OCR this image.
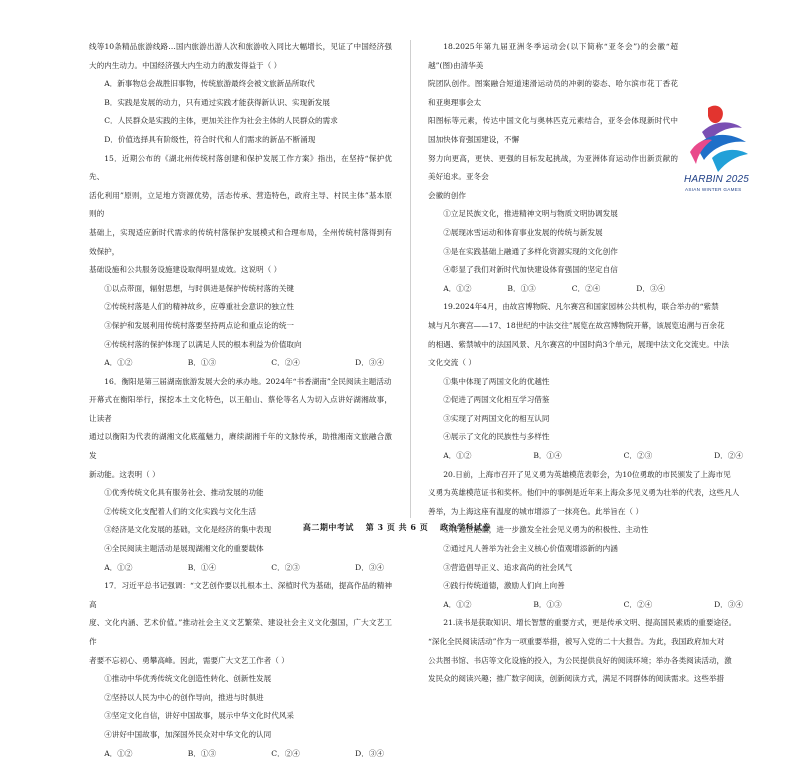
线等10条精品旅游线路…国内旅游出游人次和旅游收入同比大幅增长，见证了中国经济强大的内生动力。中国经济强大内生动力的激发得益于（ ）

A．新事物总会战胜旧事物，传统旅游最终会被文旅新品所取代

B．实践是发展的动力，只有通过实践才能获得新认识、实现新发展

C．人民群众是实践的主体，更加关注作为社会主体的人民群众的需求

D．价值选择具有阶级性，符合时代和人们需求的新品不断涌现

15．近期公布的《湖北州传统村落创建和保护发展工作方案》指出，在坚持“保护优先、

活化利用”原则，立足地方资源优势，活态传承、营造特色，政府主导、村民主体”基本原则的

基础上，实现适应新时代需求的传统村落保护发展模式和合理布局，全州传统村落得到有效保护，

基础设施和公共服务设施建设取得明显成效。这说明（ ）

①以点带面，辐射思想，与时俱进是保护传统村落的关键

②传统村落是人们的精神故乡，应尊重社会意识的独立性

③保护和发展利用传统村落要坚持两点论和重点论的统一

④传统村落的保护体现了以满足人民的根本利益为价值取向

A．①②	B．①③	C．②④	D．③④

16．衡阳是第三届湖南旅游发展大会的承办地。2024年“书香湖南”全民阅读主题活动

开幕式在衡阳举行，探挖本土文化特色，以王船山、蔡伦等名人为切入点讲好湖湘故事，让读者

通过以衡阳为代表的湖湘文化底蕴魅力，赓续湖湘千年的文脉传承，助推湘南文旅融合激发

新动能。这表明（ ）

①优秀传统文化具有服务社会、推动发展的功能

②传统文化支配着人们的文化实践与文化生活

③经济是文化发展的基础，文化是经济的集中表现

④全民阅读主题活动是展现湖湘文化的重要载体

A．①②	B．①④	C．②③	D．③④

17．习近平总书记强调：“文艺创作要以扎根本土、深植时代为基础，提高作品的精神高

度、文化内涵、艺术价值。”推动社会主义文艺繁荣、建设社会主义文化强国，广大文艺工作

者要不忘初心、勇攀高峰。因此，需要广大文艺工作者（ ）

①推动中华优秀传统文化创造性转化、创新性发展

②坚持以人民为中心的创作导向，推进与时俱进

③坚定文化自信，讲好中国故事，展示中华文化时代风采

④讲好中国故事，加深国外民众对中华文化的认同

A．①②	B．①③	C．②④	D．③④

18.2025年第九届亚洲冬季运动会(以下简称“亚冬会”)的会徽“超越”(图)由清华美

院团队创作。图案融合短道速滑运动员的冲刺的姿态、哈尔滨市花丁香花和亚奥理事会太

阳图标等元素，传达中国文化与奥林匹克元素结合，亚冬会体现新时代中国加快体育强国建设，不懈

努力向更高，更快、更强的目标发起挑战，为亚洲体育运动作出新贡献的美好追求。亚冬会

会徽的创作

①立足民族文化，推进精神文明与物质文明协调发展

②展现冰雪运动和体育事业发展的传统与新发展

③是在实践基础上融通了多样化资源实现的文化创作

④彰显了我们对新时代加快建设体育强国的坚定自信

A．①②	B．①③	C．②④	D．③④

19.2024年4月，由故宫博物院、凡尔赛宫和国家园林公共机构，联合举办的“紫禁

城与凡尔赛宫——17、18世纪的中法交往”展览在故宫博物院开幕，该展览追溯与百余花

的相遇、紫禁城中的法国风景、凡尔赛宫的中国时尚3个单元，展现中法文化交流史。中法

文化交流（ ）

①集中体现了两国文化的优越性

②促进了两国文化相互学习借鉴

③实现了对两国文化的相互认同

④展示了文化的民族性与多样性

A．①②	B．①④	C．②③	D．②④

20.日前，上海市召开了见义勇为英雄模范表彰会，为10位勇敢的市民颁发了上海市见

义勇为英雄模范证书和奖杯。他们中的事例是近年来上海众多见义勇为壮举的代表，这些凡人

善举，为上海这座有温度的城市增添了一抹亮色。此举旨在（ ）

①传递正能量，进一步激发全社会见义勇为的积极性、主动性

②通过凡人善举为社会主义核心价值观增添新的内涵

③营造倡导正义、追求高尚的社会风气

④践行传统道德，激励人们向上向善

A．①②	B．①③	C．②④	D．③④

21.读书是获取知识、增长智慧的重要方式，更是传承文明、提高国民素质的重要途径。

“深化全民阅读活动”作为一项重要举措，被写入党的二十大报告。为此，我国政府加大对

公共图书馆、书店等文化设施的投入，为公民提供良好的阅读环境；举办各类阅读活动，激

发民众的阅读兴趣；推广数字阅读，创新阅读方式，满足不同群体的阅读需求。这些举措

HARBIN 2025
ASIAN WINTER GAMES
高二期中考试　 第 3 页 共 6 页　 政治学科试卷
